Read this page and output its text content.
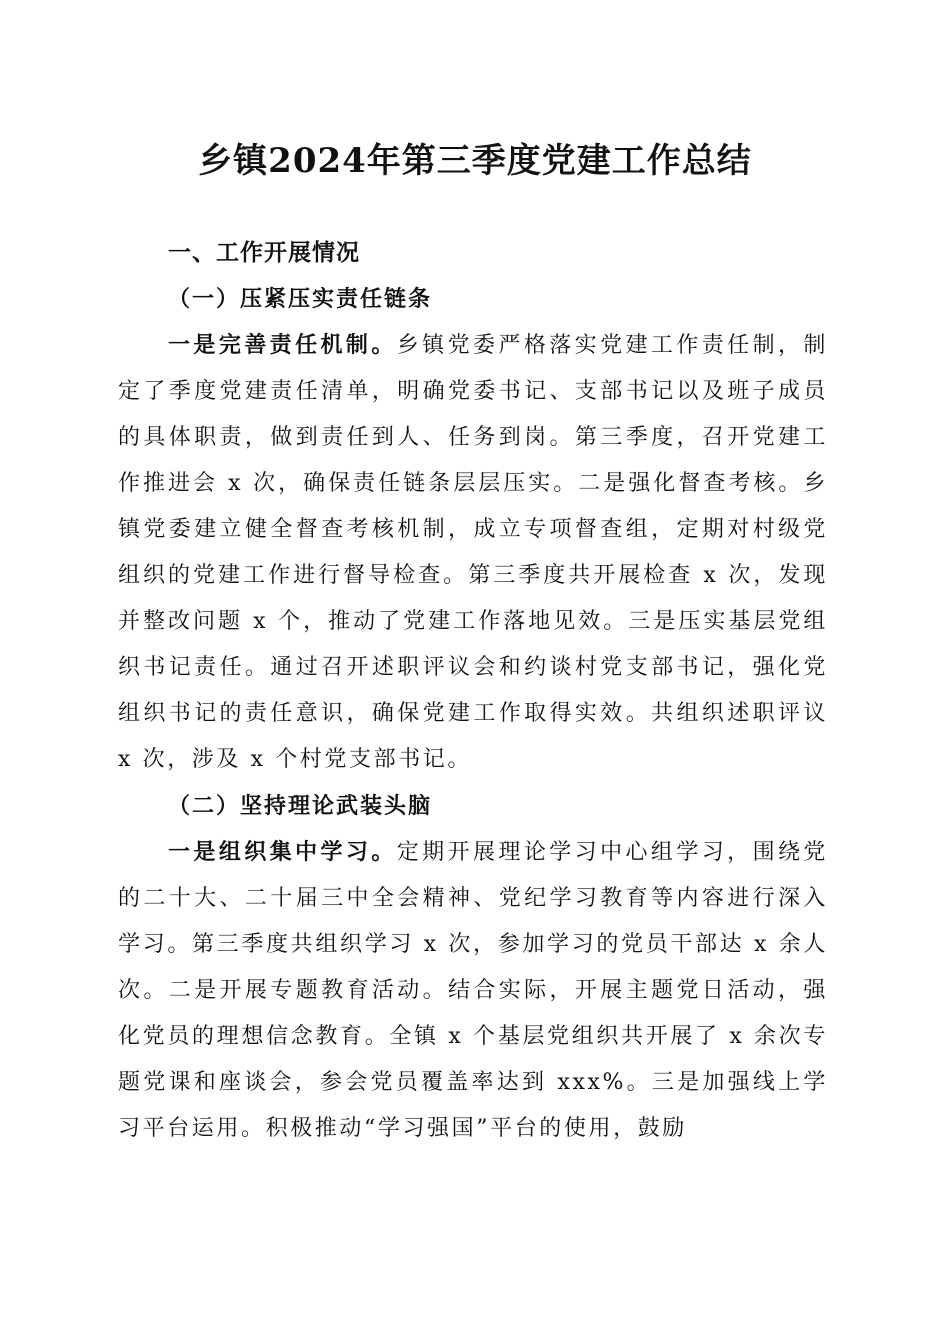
乡镇2024年第三季度党建工作总结
一、工作开展情况
（一）压紧压实责任链条

一是完善责任机制。乡镇党委严格落实党建工作责任制，制定了季度党建责任清单，明确党委书记、支部书记以及班子成员的具体职责，做到责任到人、任务到岗。第三季度，召开党建工作推进会 x 次，确保责任链条层层压实。二是强化督查考核。乡镇党委建立健全督查考核机制，成立专项督查组，定期对村级党组织的党建工作进行督导检查。第三季度共开展检查 x 次，发现并整改问题 x 个，推动了党建工作落地见效。三是压实基层党组织书记责任。通过召开述职评议会和约谈村党支部书记，强化党组织书记的责任意识，确保党建工作取得实效。共组织述职评议 x 次，涉及 x 个村党支部书记。

（二）坚持理论武装头脑

一是组织集中学习。定期开展理论学习中心组学习，围绕党的二十大、二十届三中全会精神、党纪学习教育等内容进行深入学习。第三季度共组织学习 x 次，参加学习的党员干部达 x 余人次。二是开展专题教育活动。结合实际，开展主题党日活动，强化党员的理想信念教育。全镇 x 个基层党组织共开展了 x 余次专题党课和座谈会，参会党员覆盖率达到 xxx%。三是加强线上学习平台运用。积极推动“学习强国”平台的使用，鼓励
